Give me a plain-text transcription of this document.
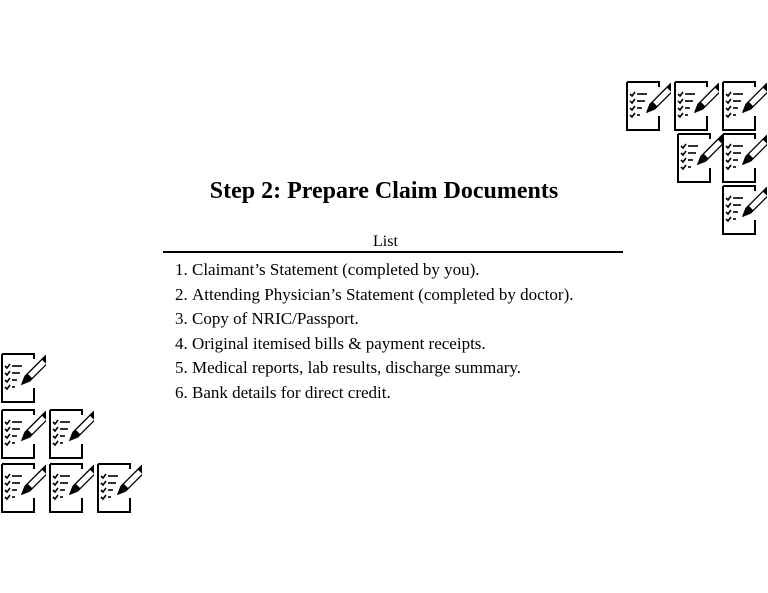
Step 2: Prepare Claim Documents
List
1. Claimant’s Statement (completed by you).
2. Attending Physician’s Statement (completed by doctor).
3. Copy of NRIC/Passport.
4. Original itemised bills & payment receipts.
5. Medical reports, lab results, discharge summary.
6. Bank details for direct credit.
